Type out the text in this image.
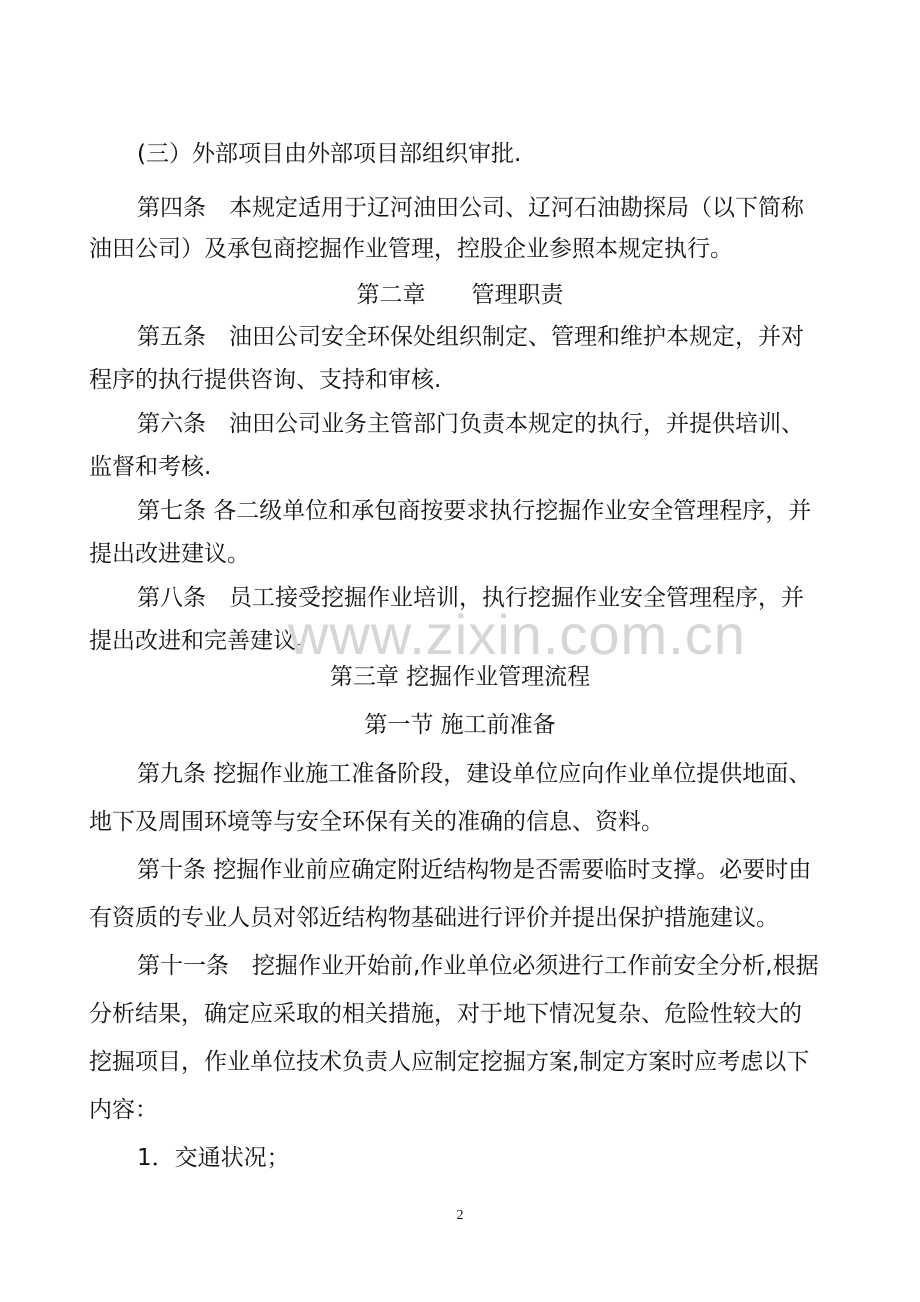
(三）外部项目由外部项目部组织审批.
第四条　本规定适用于辽河油田公司、辽河石油勘探局（以下简称
油田公司）及承包商挖掘作业管理，控股企业参照本规定执行。
第二章　　管理职责
第五条　油田公司安全环保处组织制定、管理和维护本规定，并对
程序的执行提供咨询、支持和审核.
第六条　油田公司业务主管部门负责本规定的执行，并提供培训、
监督和考核.
第七条 各二级单位和承包商按要求执行挖掘作业安全管理程序，并
提出改进建议。
第八条　员工接受挖掘作业培训，执行挖掘作业安全管理程序，并
提出改进和完善建议。
第三章 挖掘作业管理流程
第一节 施工前准备
第九条 挖掘作业施工准备阶段，建设单位应向作业单位提供地面、
地下及周围环境等与安全环保有关的准确的信息、资料。
第十条 挖掘作业前应确定附近结构物是否需要临时支撑。必要时由
有资质的专业人员对邻近结构物基础进行评价并提出保护措施建议。
第十一条　挖掘作业开始前,作业单位必须进行工作前安全分析,根据
分析结果，确定应采取的相关措施，对于地下情况复杂、危险性较大的
挖掘项目，作业单位技术负责人应制定挖掘方案,制定方案时应考虑以下
内容：
1．交通状况；
www.zixin.com.cn
2
